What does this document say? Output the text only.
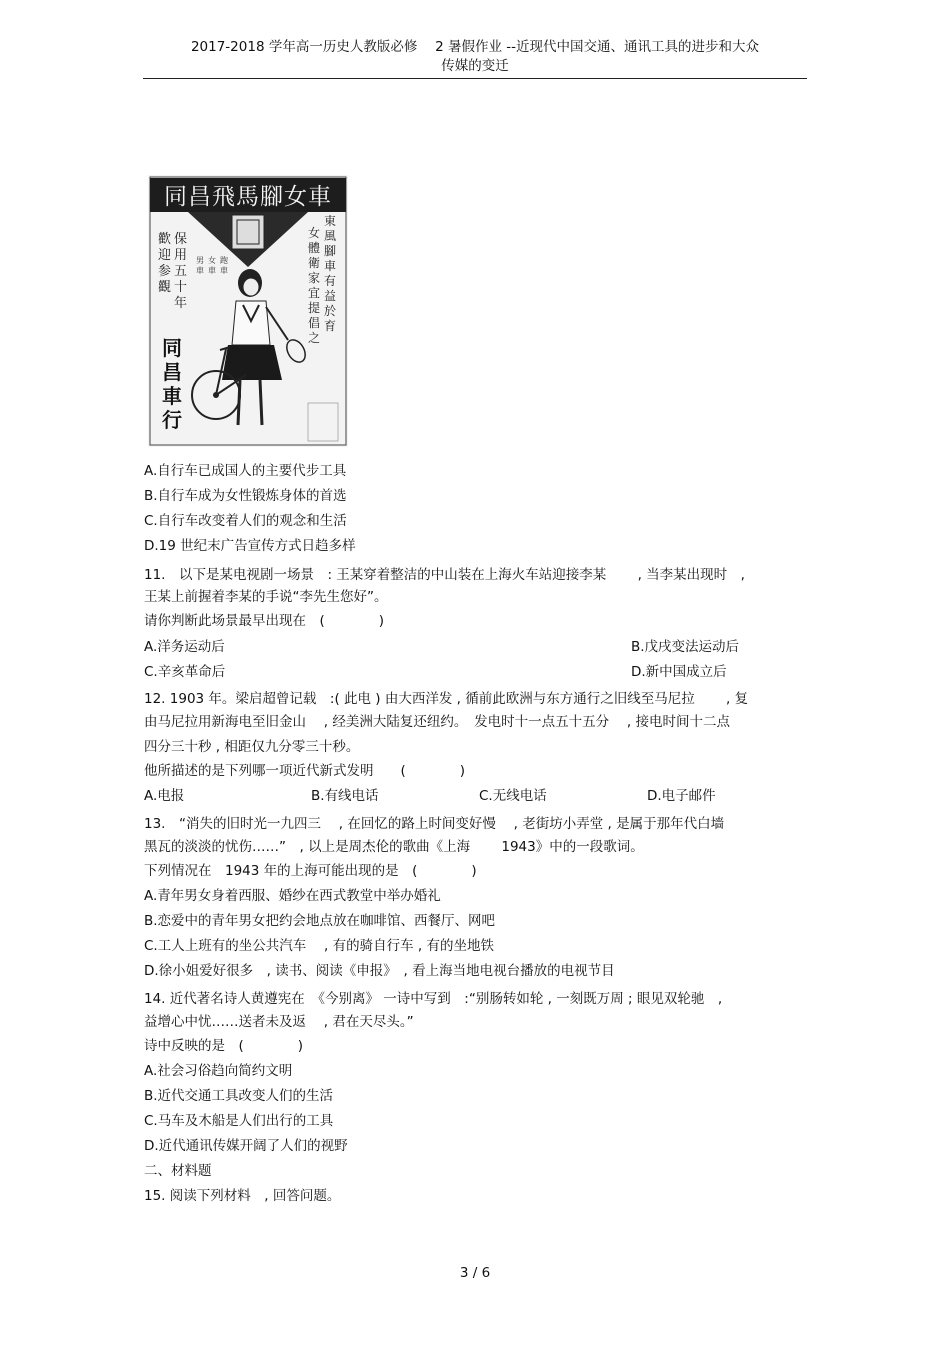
2017-2018 学年高一历史人教版必修　 2 暑假作业 --近现代中国交通、通讯工具的进步和大众
传媒的变迁
同昌飛馬腳女車
東風腳車有益於育
女體衛家宜提倡之
保用五十年
歡迎参觀
男車
女車
跑車
同昌車行
A.自行车已成国人的主要代步工具
B.自行车成为女性锻炼身体的首选
C.自行车改变着人们的观念和生活
D.19 世纪末广告宣传方式日趋多样
11.　以下是某电视剧一场景　: 王某穿着整洁的中山装在上海火车站迎接李某　　 , 当李某出现时　,
王某上前握着李某的手说“李先生您好”。
请你判断此场景最早出现在　(　　　　)
A.洋务运动后	B.戊戌变法运动后
C.辛亥革命后	D.新中国成立后
12. 1903 年。梁启超曾记载　:( 此电 ) 由大西洋发 , 循前此欧洲与东方通行之旧线至马尼拉　　 , 复
由马尼拉用新海电至旧金山　 , 经美洲大陆复还纽约。　发电时十一点五十五分　 , 接电时间十二点
四分三十秒 , 相距仅九分零三十秒。
他所描述的是下列哪一项近代新式发明　　(　　　　)
A.电报	B.有线电话	C.无线电话	D.电子邮件
13.　“消失的旧时光一九四三　 , 在回忆的路上时间变好慢　 , 老街坊小弄堂 , 是属于那年代白墙
黑瓦的淡淡的忧伤……”　, 以上是周杰伦的歌曲《上海　　 1943》中的一段歌词。
下列情况在　1943 年的上海可能出现的是　(　　　　)
A.青年男女身着西服、婚纱在西式教堂中举办婚礼
B.恋爱中的青年男女把约会地点放在咖啡馆、西餐厅、网吧
C.工人上班有的坐公共汽车　 , 有的骑自行车 , 有的坐地铁
D.徐小姐爱好很多　, 读书、阅读《申报》　, 看上海当地电视台播放的电视节目
14. 近代著名诗人黄遵宪在　《今别离》 一诗中写到　:“别肠转如轮 , 一刻既万周 ; 眼见双轮驰　,
益增心中忧……送者未及返　 , 君在天尽头。”
诗中反映的是　(　　　　)
A.社会习俗趋向简约文明
B.近代交通工具改变人们的生活
C.马车及木船是人们出行的工具
D.近代通讯传媒开阔了人们的视野
二、材料题
15. 阅读下列材料　, 回答问题。
3 / 6
